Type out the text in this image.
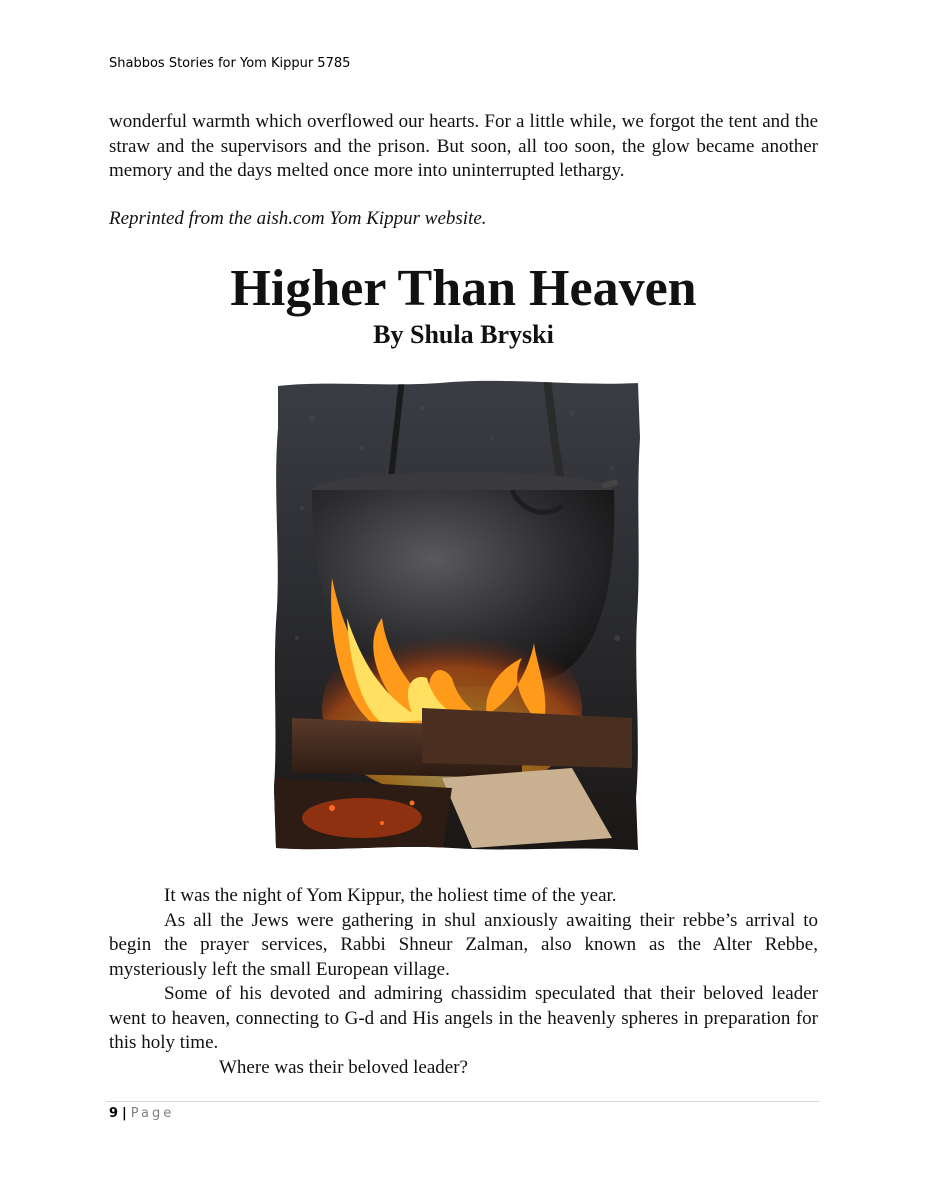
Shabbos Stories for Yom Kippur 5785

wonderful warmth which overflowed our hearts. For a little while, we forgot the tent and the straw and the supervisors and the prison. But soon, all too soon, the glow became another memory and the days melted once more into uninterrupted lethargy.

Reprinted from the aish.com Yom Kippur website.

Higher Than Heaven
By Shula Bryski

It was the night of Yom Kippur, the holiest time of the year.

As all the Jews were gathering in shul anxiously awaiting their rebbe’s arrival to begin the prayer services, Rabbi Shneur Zalman, also known as the Alter Rebbe, mysteriously left the small European village.

Some of his devoted and admiring chassidim speculated that their beloved leader went to heaven, connecting to G-d and His angels in the heavenly spheres in preparation for this holy time.

Where was their beloved leader?

9 | Page
